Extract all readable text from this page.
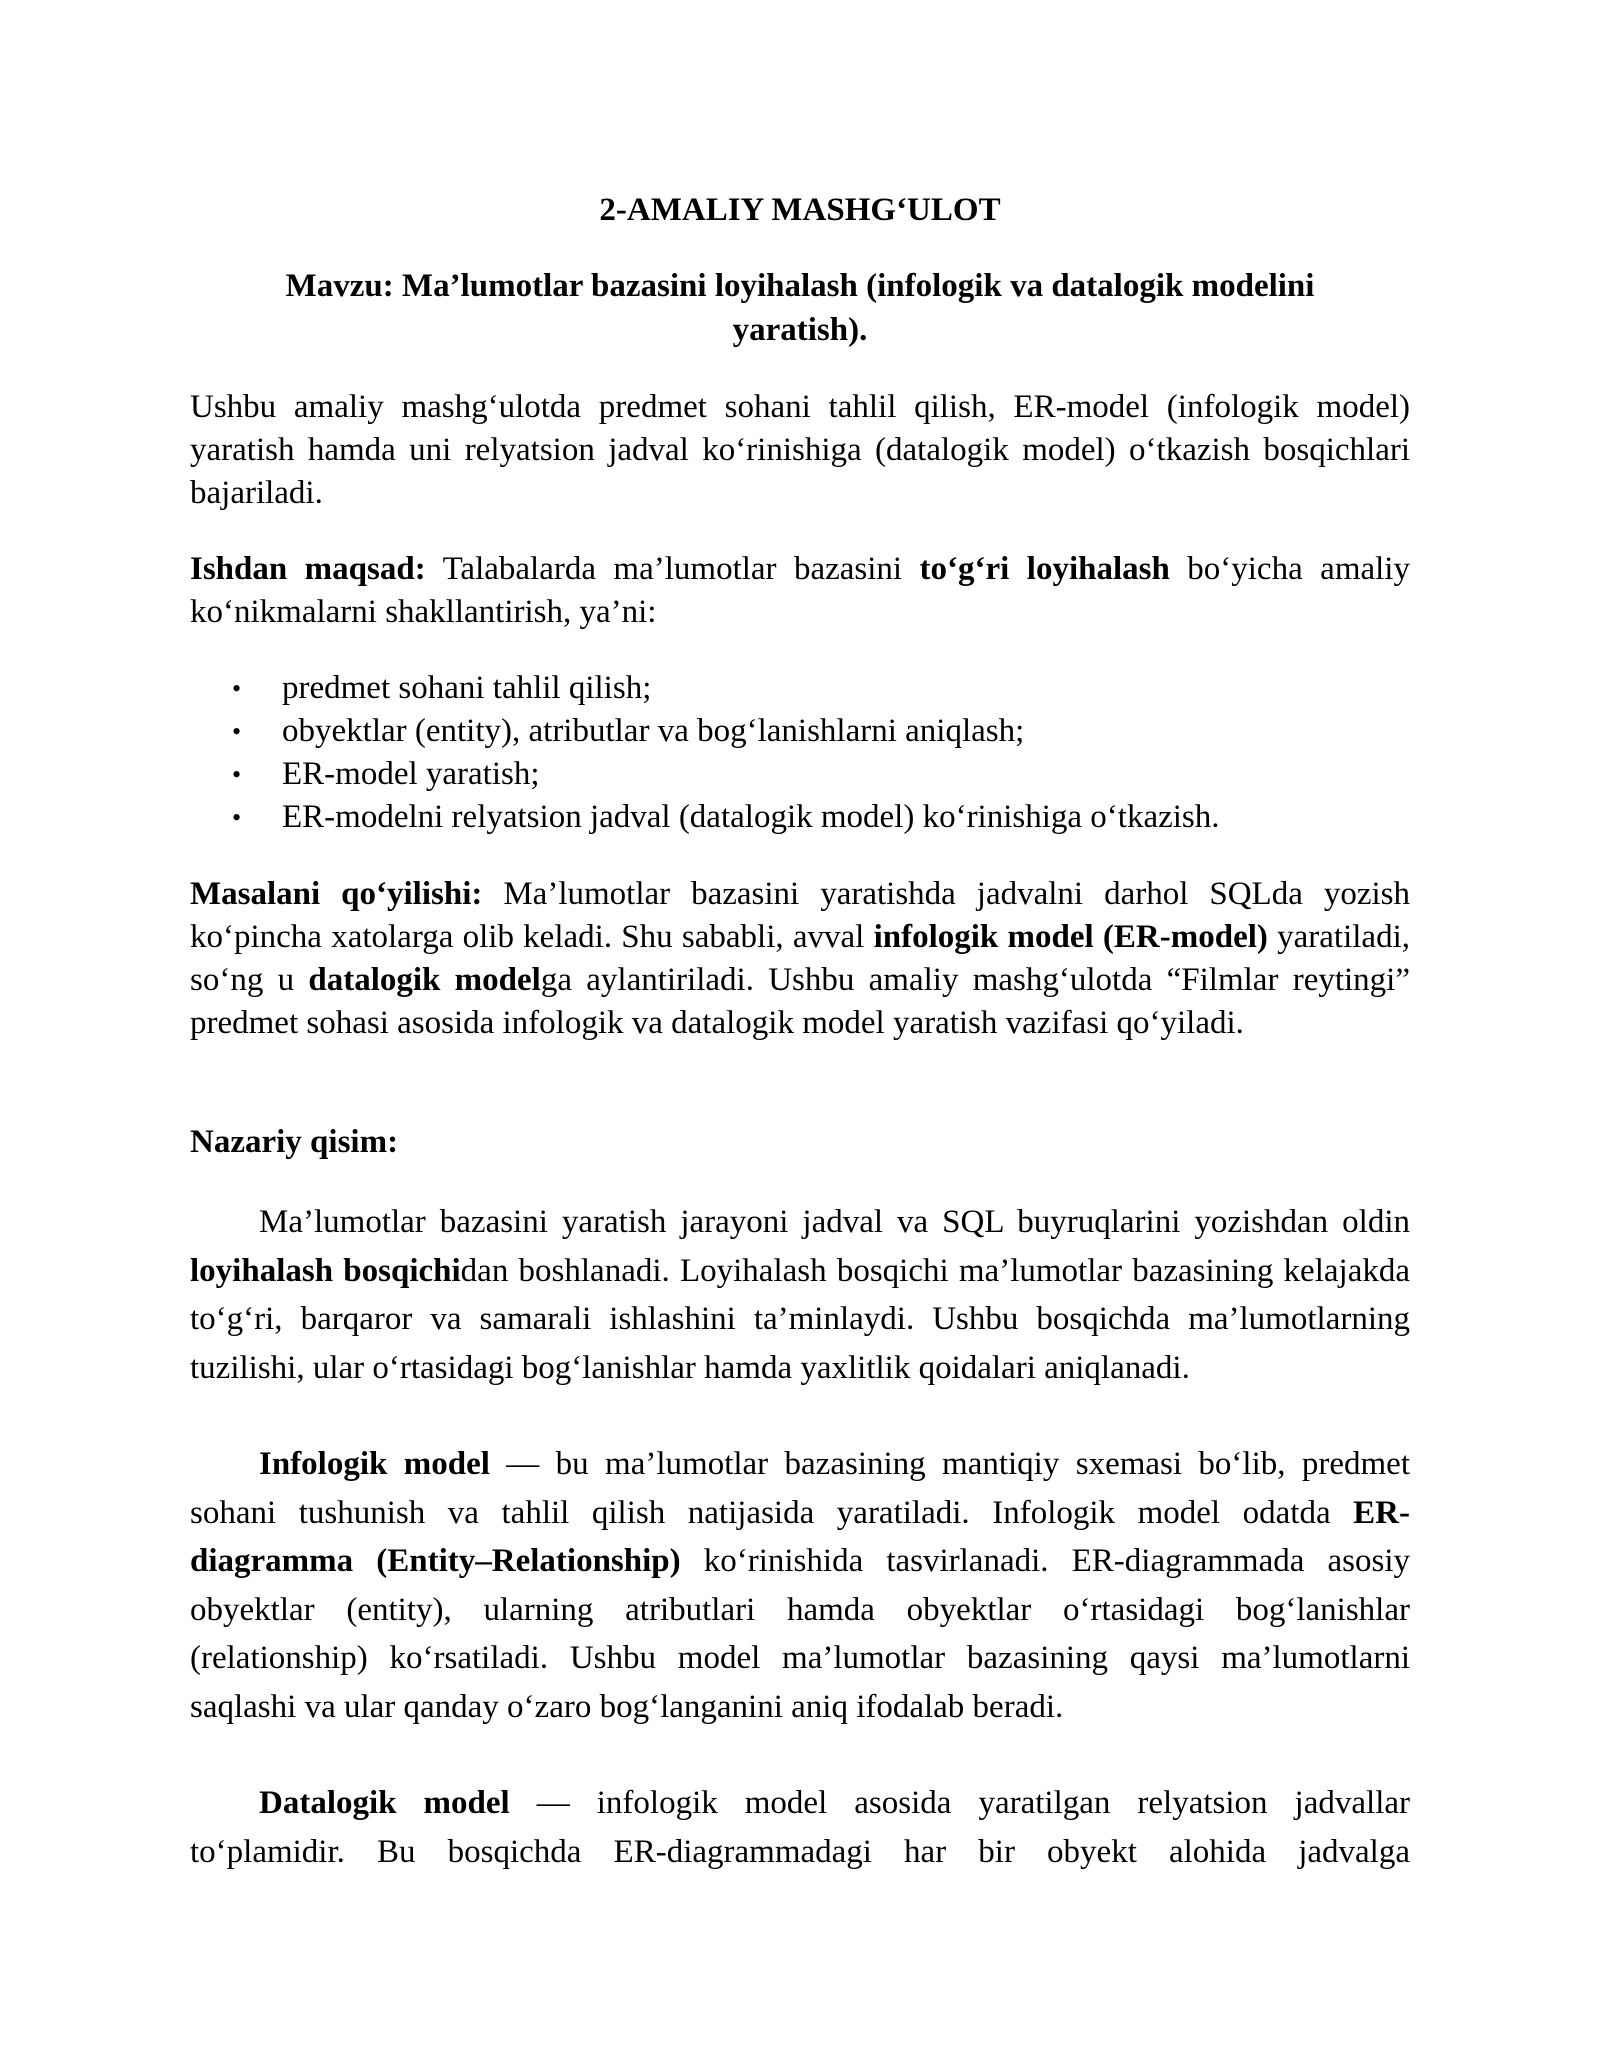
2-AMALIY MASHG‘ULOT

Mavzu: Ma’lumotlar bazasini loyihalash (infologik va datalogik modelini
yaratish).

Ushbu amaliy mashg‘ulotda predmet sohani tahlil qilish, ER-model (infologik model) yaratish hamda uni relyatsion jadval ko‘rinishiga (datalogik model) o‘tkazish bosqichlari bajariladi.

Ishdan maqsad: Talabalarda ma’lumotlar bazasini to‘g‘ri loyihalash bo‘yicha amaliy ko‘nikmalarni shakllantirish, ya’ni:

• predmet sohani tahlil qilish;
• obyektlar (entity), atributlar va bog‘lanishlarni aniqlash;
• ER-model yaratish;
• ER-modelni relyatsion jadval (datalogik model) ko‘rinishiga o‘tkazish.

Masalani qo‘yilishi: Ma’lumotlar bazasini yaratishda jadvalni darhol SQLda yozish ko‘pincha xatolarga olib keladi. Shu sababli, avval infologik model (ER-model) yaratiladi, so‘ng u datalogik modelga aylantiriladi. Ushbu amaliy mashg‘ulotda “Filmlar reytingi” predmet sohasi asosida infologik va datalogik model yaratish vazifasi qo‘yiladi.

Nazariy qisim:

Ma’lumotlar bazasini yaratish jarayoni jadval va SQL buyruqlarini yozishdan oldin loyihalash bosqichidan boshlanadi. Loyihalash bosqichi ma’lumotlar bazasining kelajakda to‘g‘ri, barqaror va samarali ishlashini ta’minlaydi. Ushbu bosqichda ma’lumotlarning tuzilishi, ular o‘rtasidagi bog‘lanishlar hamda yaxlitlik qoidalari aniqlanadi.

Infologik model — bu ma’lumotlar bazasining mantiqiy sxemasi bo‘lib, predmet sohani tushunish va tahlil qilish natijasida yaratiladi. Infologik model odatda ER-diagramma (Entity–Relationship) ko‘rinishida tasvirlanadi. ER-diagrammada asosiy obyektlar (entity), ularning atributlari hamda obyektlar o‘rtasidagi bog‘lanishlar (relationship) ko‘rsatiladi. Ushbu model ma’lumotlar bazasining qaysi ma’lumotlarni saqlashi va ular qanday o‘zaro bog‘langanini aniq ifodalab beradi.

Datalogik model — infologik model asosida yaratilgan relyatsion jadvallar to‘plamidir. Bu bosqichda ER-diagrammadagi har bir obyekt alohida jadvalga
